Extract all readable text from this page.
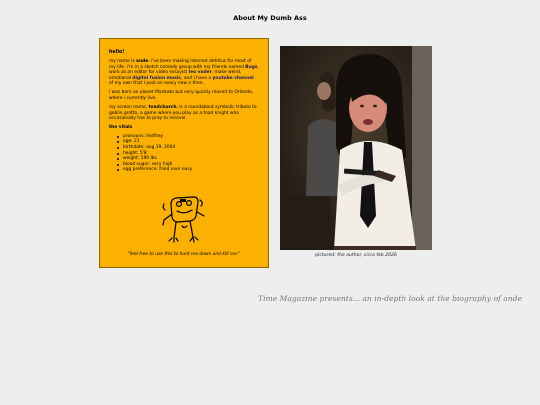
About My Dumb Ass

hello!

my name is ande. i've been making internet detritus for most of my life. i'm in a sketch comedy group with my friends named Bugs, work as an editor for video essayist leo vader, make weird, emotional digital fusion music, and I have a youtube channel of my own that I post on every now n then.

i was born on planet Mankato but very quickly moved to Orlando, where i currently live.

my screen name, toadchurch, is a roundabout symbolic tribute to goblin grotto, a game where you play as a toad knight who occasionally has to pray to recover.

the vitals

pronouns: he/they
age: 21
birthdate: aug 19, 2004
height: 5'8
weight: 190 lbs
blood sugar: very high
egg preference: fried over easy
"feel free to use this to hunt me down and kill me."	pictured: the author, circa feb 2026
Time Magazine presents... an in-depth look at the biography of ande
